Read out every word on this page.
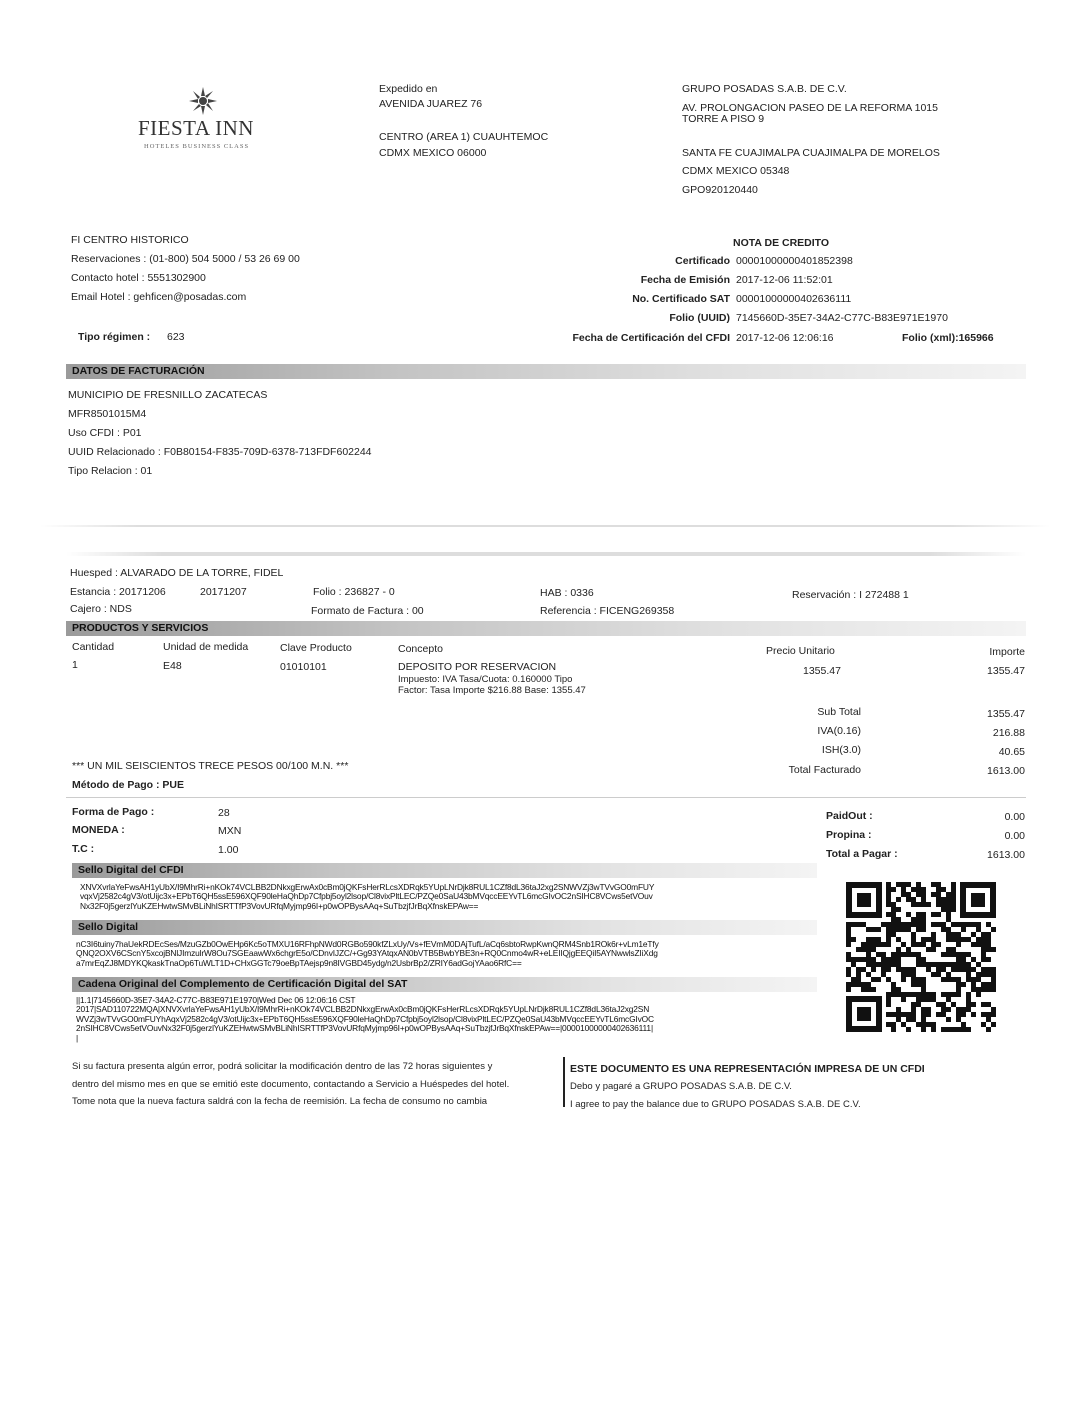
FIESTA INN
HOTELES BUSINESS CLASS
Expedido en
AVENIDA JUAREZ 76
CENTRO (AREA 1) CUAUHTEMOC
CDMX MEXICO 06000
GRUPO POSADAS S.A.B. DE C.V.
AV. PROLONGACION PASEO DE LA REFORMA 1015
TORRE A PISO 9
SANTA FE CUAJIMALPA CUAJIMALPA DE MORELOS
CDMX MEXICO 05348
GPO920120440
FI CENTRO HISTORICO
Reservaciones : (01-800) 504 5000 / 53 26 69 00
Contacto hotel : 5551302900
Email Hotel : gehficen@posadas.com
Tipo régimen : 623
NOTA DE CREDITO
Certificado 00001000000401852398
Fecha de Emisión 2017-12-06 11:52:01
No. Certificado SAT 00001000000402636111
Folio (UUID) 7145660D-35E7-34A2-C77C-B83E971E1970
Fecha de Certificación del CFDI 2017-12-06 12:06:16	Folio (xml):165966
DATOS DE FACTURACIÓN
MUNICIPIO DE FRESNILLO ZACATECAS
MFR8501015M4
Uso CFDI : P01
UUID Relacionado : F0B80154-F835-709D-6378-713FDF602244
Tipo Relacion : 01
Huesped : ALVARADO DE LA TORRE, FIDEL
Estancia : 20171206	20171207	Folio : 236827 - 0	HAB : 0336	Reservación : I 272488 1
Cajero : NDS	Formato de Factura : 00	Referencia : FICENG269358
PRODUCTOS Y SERVICIOS
Cantidad	Unidad de medida	Clave Producto	Concepto	Precio Unitario	Importe
1	E48	01010101	DEPOSITO POR RESERVACION
Impuesto: IVA Tasa/Cuota: 0.160000 Tipo
Factor: Tasa Importe $216.88 Base: 1355.47
1355.47	1355.47
Sub Total	1355.47
IVA(0.16)	216.88
ISH(3.0)	40.65
Total Facturado	1613.00
*** UN MIL SEISCIENTOS TRECE PESOS 00/100 M.N. ***
Método de Pago : PUE
Forma de Pago :	28
MONEDA :	MXN
T.C :	1.00
PaidOut :	0.00
Propina :	0.00
Total a Pagar :	1613.00
Sello Digital del CFDI
XNVXvrlaYeFwsAH1yUbX/I9MhrRi+nKOk74VCLBB2DNkxgErwAx0cBm0jQKFsHerRLcsXDRqk5YUpLNrDjk8RUL1CZf8dL36taJ2xg2SNWVZj3wTVvGO0mFUY
vqxVj2582c4gV3/otUijc3x+EPbT6QH5ssE596XQF90leHaQhDp7Cfpbj5oyl2lsop/Cl8vixPltLEC/PZQe0SaU43bMVqccEEYvTL6mcGIvOC2nSIHC8VCws5etVOuv
Nx32F0j5gerzlYuKZEHwtwSMvBLiNhISRTTfP3VovURfqMyjmp96I+p0wOPBysAAq+SuTbzjfJrBqXfnskEPAw==
Sello Digital
nC3I6tuiny7haUekRDEcSes/MzuGZb0OwEHp6Kc5oTMXU16RFhpNWd0RGBo590kfZLxUy/Vs+fEVmM0DAjTufL/aCq6sbtoRwpKwnQRM4Snb1ROk6r+vLm1eTfy
QNQ2OXV6CScnY5xcojBNlJImzulrW8Ou7SGEaawWx6chgrE5o/CDnvIJZC/+Gg93YAtqxAN0bVTB5BwbYBE3n+RQ0Cnmo4wR+eLEIIQjgEEQiI5AYNwwlsZIiXdg
a7mrEqZJ8MDYKQkaskTnaOp6TuWLT1D+CHxGGTc79oeBpTAejsp9n8IVGBD45ydg/n2UsbrBp2/ZRIY6adGojYAao6RfC==
Cadena Original del Complemento de Certificación Digital del SAT
||1.1|7145660D-35E7-34A2-C77C-B83E971E1970|Wed Dec 06 12:06:16 CST
2017|SAD110722MQA|XNVXvrlaYeFwsAH1yUbX/I9MhrRi+nKOk74VCLBB2DNkxgErwAx0cBm0jQKFsHerRLcsXDRqk5YUpLNrDjk8RUL1CZf8dL36taJ2xg2SN
WVZj3wTVvGO0mFUYhAqxVj2582c4gV3/otUijc3x+EPbT6QH5ssE596XQF90leHaQhDp7Cfpbj5oyl2lsop/Cl8vixPltLEC/PZQe0SaU43bMVqccEEYvTL6mcGIvOC
2nSIHC8VCws5etVOuvNx32F0j5gerzlYuKZEHwtwSMvBLiNhISRTTfP3VovURfqMyjmp96I+p0wOPBysAAq+SuTbzjfJrBqXfnskEPAw==|00001000000402636111|
|
Si su factura presenta algún error, podrá solicitar la modificación dentro de las 72 horas siguientes y
dentro del mismo mes en que se emitió este documento, contactando a Servicio a Huéspedes del hotel.
Tome nota que la nueva factura saldrá con la fecha de reemisión. La fecha de consumo no cambia
ESTE DOCUMENTO ES UNA REPRESENTACIÓN IMPRESA DE UN CFDI
Debo y pagaré a GRUPO POSADAS S.A.B. DE C.V.
I agree to pay the balance due to GRUPO POSADAS S.A.B. DE C.V.
